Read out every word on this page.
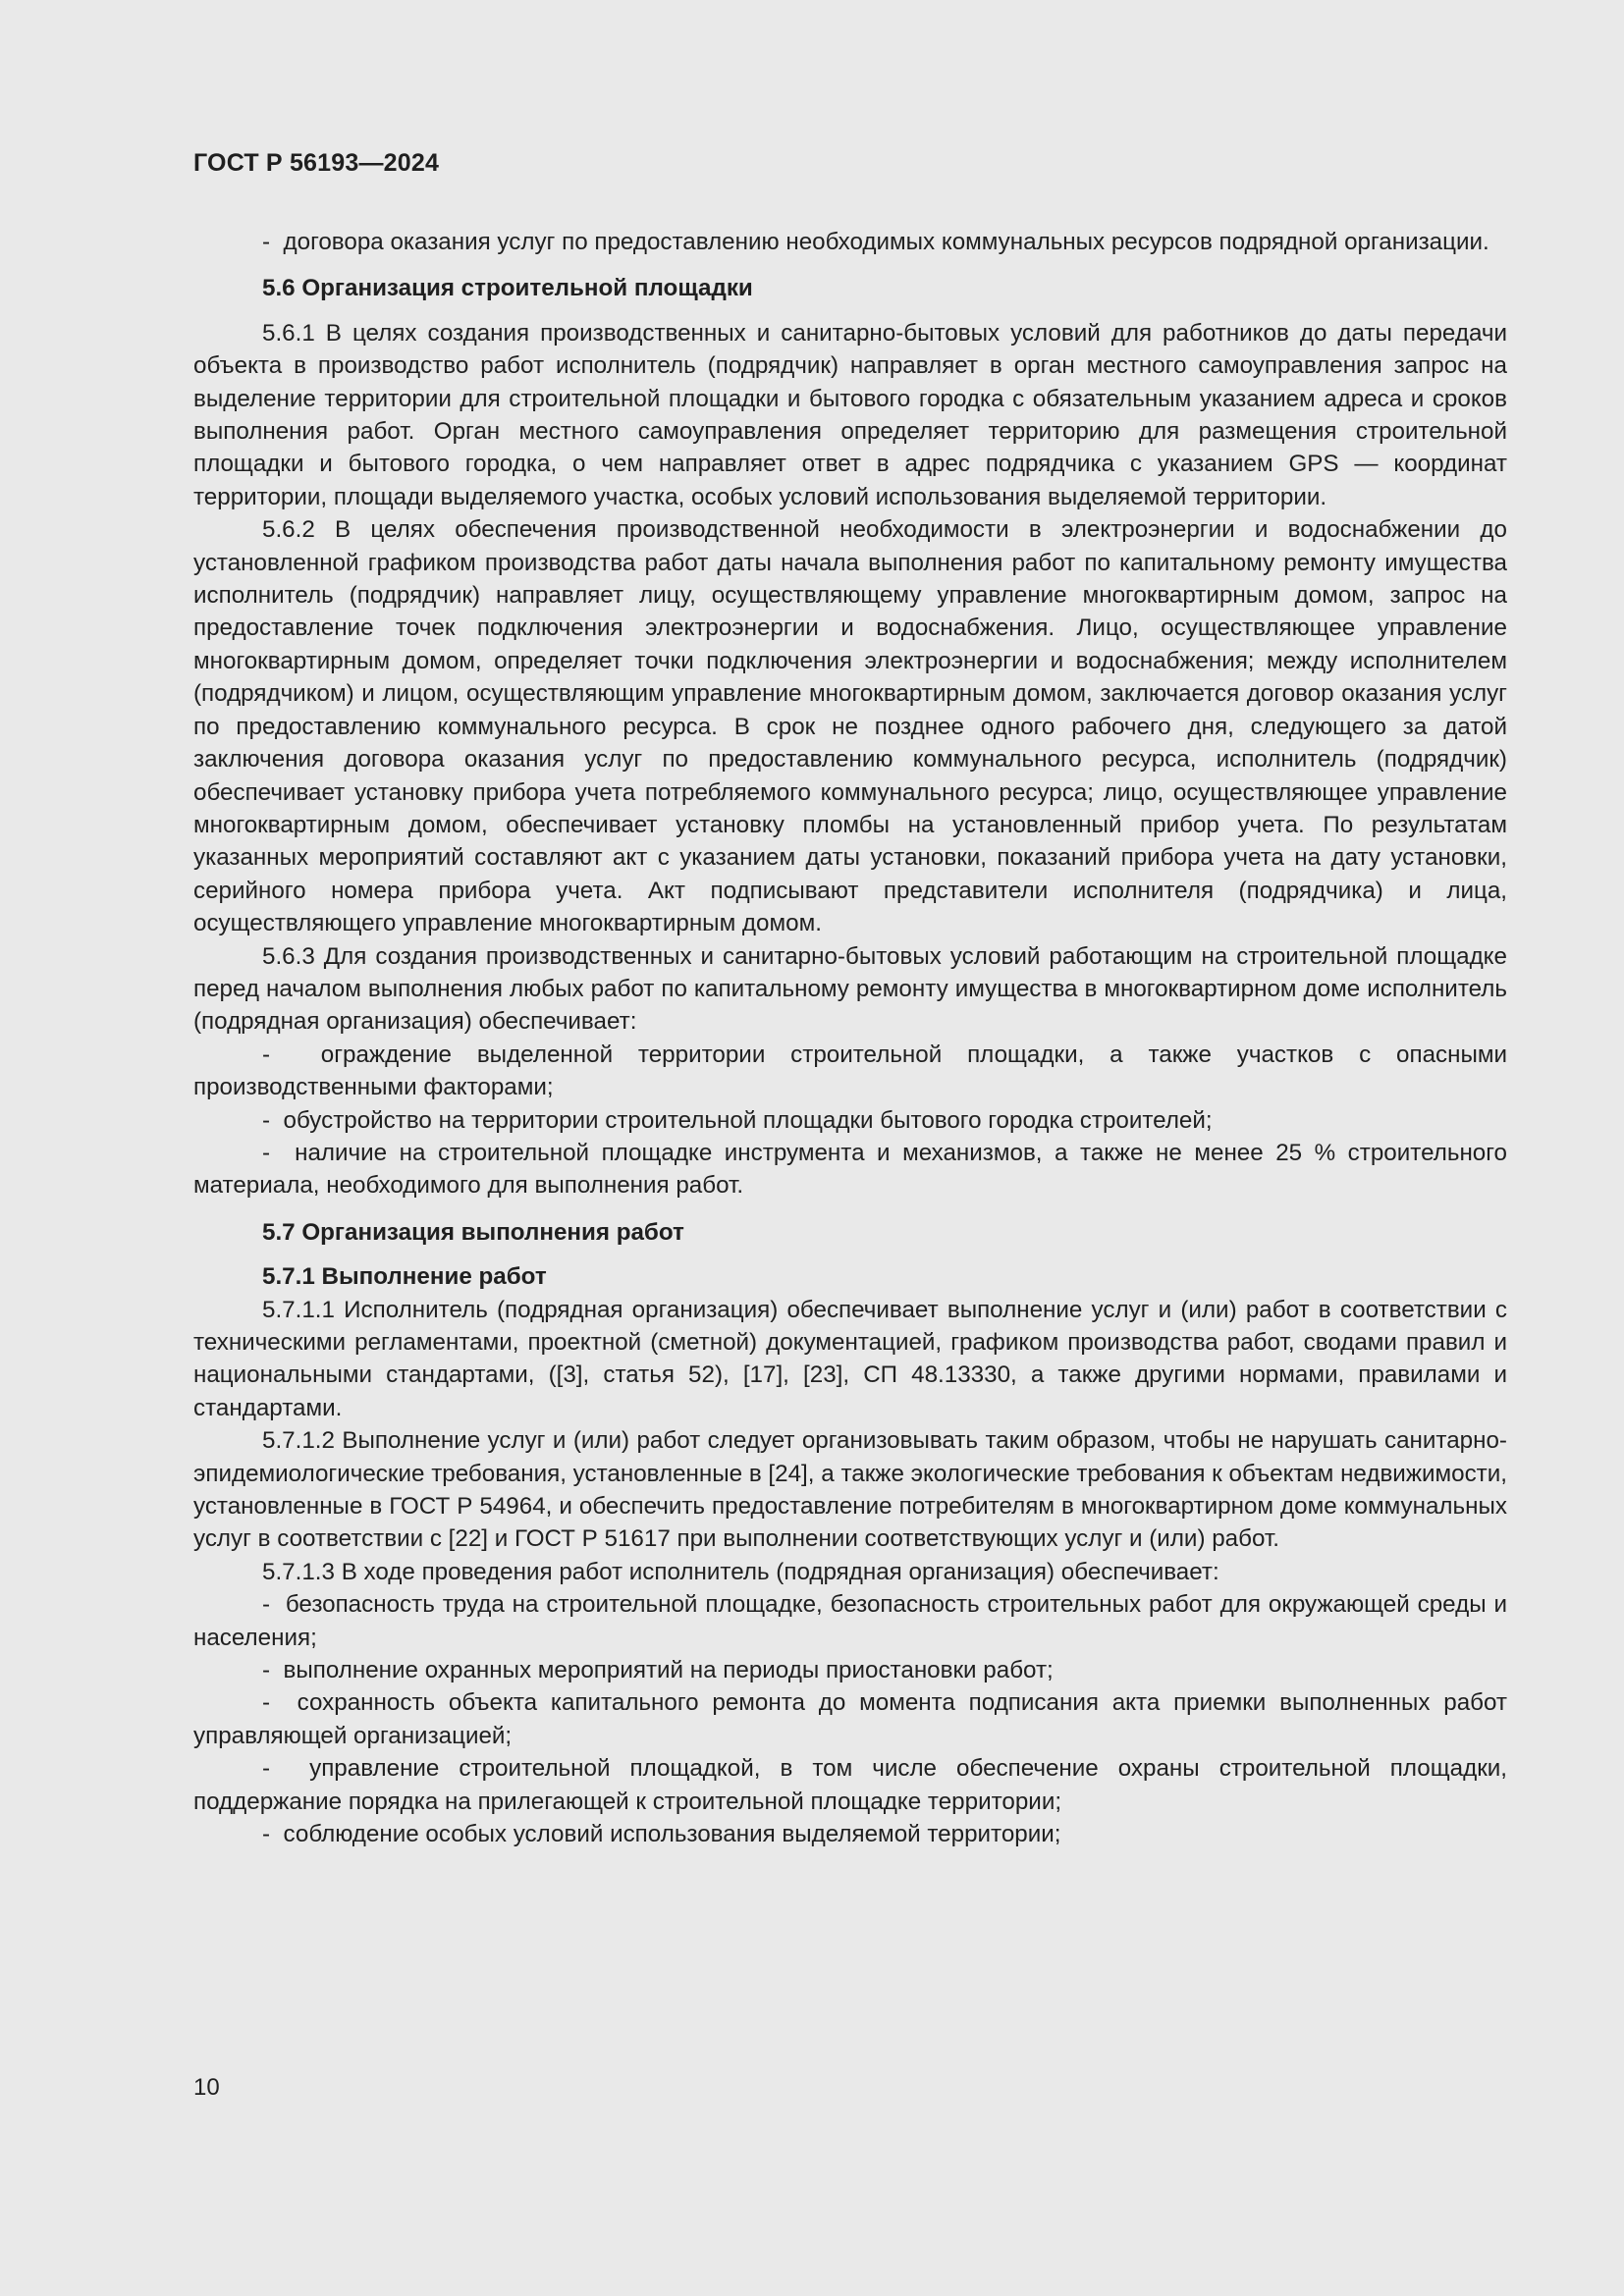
ГОСТ Р 56193—2024

-  договора оказания услуг по предоставлению необходимых коммунальных ресурсов подрядной организации.

5.6 Организация строительной площадки

5.6.1 В целях создания производственных и санитарно-бытовых условий для работников до даты передачи объекта в производство работ исполнитель (подрядчик) направляет в орган местного самоуправления запрос на выделение территории для строительной площадки и бытового городка с обязательным указанием адреса и сроков выполнения работ. Орган местного самоуправления определяет территорию для размещения строительной площадки и бытового городка, о чем направляет ответ в адрес подрядчика с указанием GPS — координат территории, площади выделяемого участка, особых условий использования выделяемой территории.

5.6.2 В целях обеспечения производственной необходимости в электроэнергии и водоснабжении до установленной графиком производства работ даты начала выполнения работ по капитальному ремонту имущества исполнитель (подрядчик) направляет лицу, осуществляющему управление многоквартирным домом, запрос на предоставление точек подключения электроэнергии и водоснабжения. Лицо, осуществляющее управление многоквартирным домом, определяет точки подключения электроэнергии и водоснабжения; между исполнителем (подрядчиком) и лицом, осуществляющим управление многоквартирным домом, заключается договор оказания услуг по предоставлению коммунального ресурса. В срок не позднее одного рабочего дня, следующего за датой заключения договора оказания услуг по предоставлению коммунального ресурса, исполнитель (подрядчик) обеспечивает установку прибора учета потребляемого коммунального ресурса; лицо, осуществляющее управление многоквартирным домом, обеспечивает установку пломбы на установленный прибор учета. По результатам указанных мероприятий составляют акт с указанием даты установки, показаний прибора учета на дату установки, серийного номера прибора учета. Акт подписывают представители исполнителя (подрядчика) и лица, осуществляющего управление многоквартирным домом.

5.6.3 Для создания производственных и санитарно-бытовых условий работающим на строительной площадке перед началом выполнения любых работ по капитальному ремонту имущества в многоквартирном доме исполнитель (подрядная организация) обеспечивает:

-  ограждение выделенной территории строительной площадки, а также участков с опасными производственными факторами;

-  обустройство на территории строительной площадки бытового городка строителей;

-  наличие на строительной площадке инструмента и механизмов, а также не менее 25 % строительного материала, необходимого для выполнения работ.

5.7 Организация выполнения работ

5.7.1 Выполнение работ

5.7.1.1 Исполнитель (подрядная организация) обеспечивает выполнение услуг и (или) работ в соответствии с техническими регламентами, проектной (сметной) документацией, графиком производства работ, сводами правил и национальными стандартами, ([3], статья 52), [17], [23], СП 48.13330, а также другими нормами, правилами и стандартами.

5.7.1.2 Выполнение услуг и (или) работ следует организовывать таким образом, чтобы не нарушать санитарно-эпидемиологические требования, установленные в [24], а также экологические требования к объектам недвижимости, установленные в ГОСТ Р 54964, и обеспечить предоставление потребителям в многоквартирном доме коммунальных услуг в соответствии с [22] и ГОСТ Р 51617 при выполнении соответствующих услуг и (или) работ.

5.7.1.3 В ходе проведения работ исполнитель (подрядная организация) обеспечивает:

-  безопасность труда на строительной площадке, безопасность строительных работ для окружающей среды и населения;

-  выполнение охранных мероприятий на периоды приостановки работ;

-  сохранность объекта капитального ремонта до момента подписания акта приемки выполненных работ управляющей организацией;

-  управление строительной площадкой, в том числе обеспечение охраны строительной площадки, поддержание порядка на прилегающей к строительной площадке территории;

-  соблюдение особых условий использования выделяемой территории;

10
